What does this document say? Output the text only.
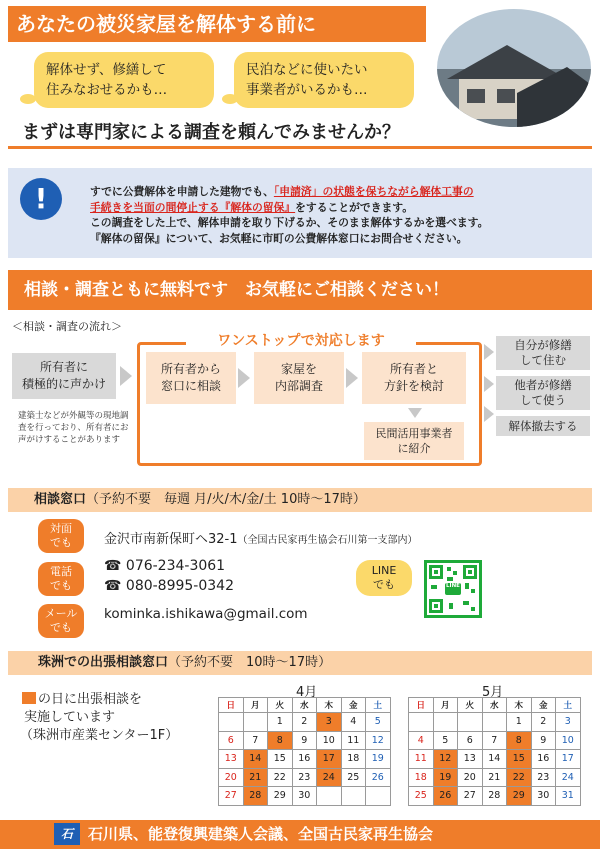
あなたの被災家屋を解体する前に
解体せず、修繕して
住みなおせるかも…
民泊などに使いたい
事業者がいるかも…
まずは専門家による調査を頼んでみませんか？
!	すでに公費解体を申請した建物でも、「申請済」の状態を保ちながら解体工事の
手続きを当面の間停止する『解体の留保』をすることができます。
この調査をした上で、解体申請を取り下げるか、そのまま解体するかを選べます。
『解体の留保』について、お気軽に市町の公費解体窓口にお問合せください。
相談・調査ともに無料です　お気軽にご相談ください！
＜相談・調査の流れ＞
ワンストップで対応します
所有者に
積極的に声かけ
建築士などが外観等の現地調査を行っており、所有者にお声がけすることがあります
所有者から
窓口に相談
家屋を
内部調査
所有者と
方針を検討
民間活用事業者
に紹介
自分が修繕
して住む
他者が修繕
して使う
解体撤去する
相談窓口（予約不要　毎週 月/火/木/金/土 10時～17時）
対面
でも 金沢市南新保町ヘ32-1（全国古民家再生協会石川第一支部内）
電話
でも
☎ 076-234-3061
☎ 080-8995-0342
メール
でも
kominka.ishikawa@gmail.com
LINE
でも	LINE
珠洲での出張相談窓口（予約不要　10時～17時）
の日に出張相談を
実施しています
（珠洲市産業センター1F）
4月
日	月	火	水	木	金	土
		1	2	3	4	5
6	7	8	9	10	11	12
13	14	15	16	17	18	19
20	21	22	23	24	25	26
27	28	29	30			
5月
日	月	火	水	木	金	土
				1	2	3
4	5	6	7	8	9	10
11	12	13	14	15	16	17
18	19	20	21	22	23	24
25	26	27	28	29	30	31
石川県、能登復興建築人会議、全国古民家再生協会
石
